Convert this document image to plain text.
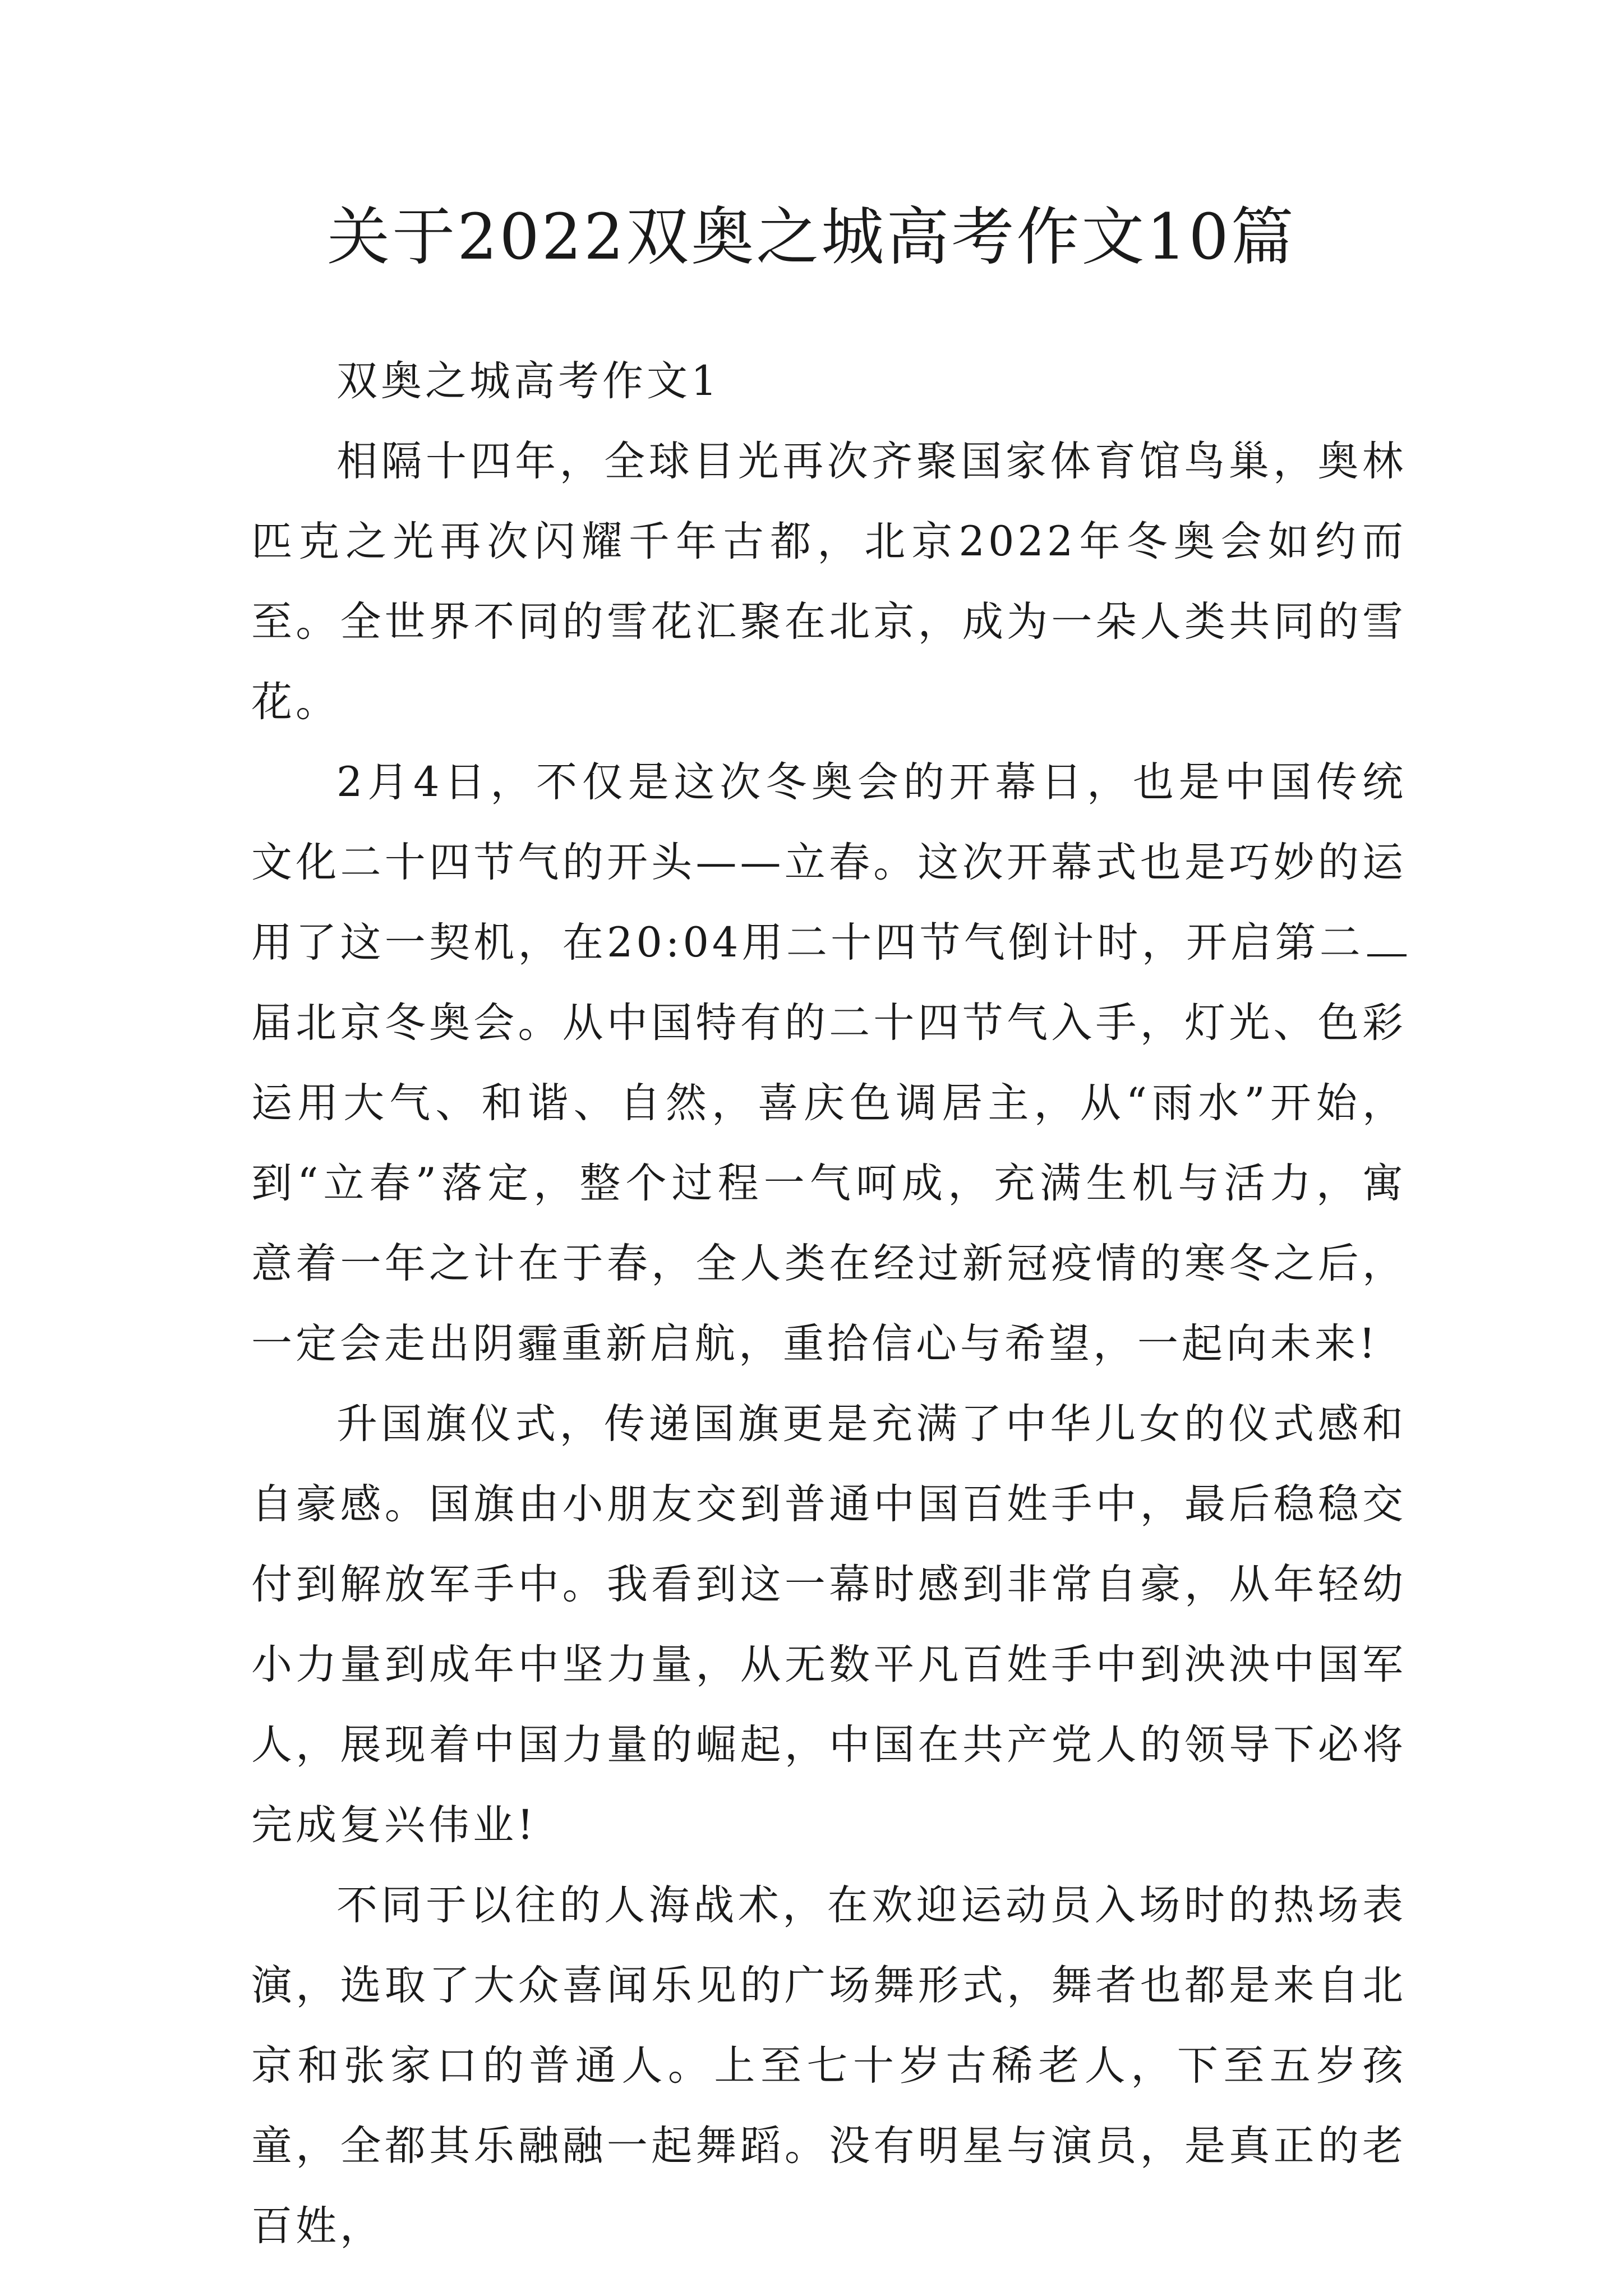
关于2022双奥之城高考作文10篇

双奥之城高考作文1

相隔十四年，全球目光再次齐聚国家体育馆鸟巢，奥林匹克之光再次闪耀千年古都，北京2022年冬奥会如约而至。全世界不同的雪花汇聚在北京，成为一朵人类共同的雪花。

2月4日，不仅是这次冬奥会的开幕日，也是中国传统文化二十四节气的开头——立春。这次开幕式也是巧妙的运用了这一契机，在20:04用二十四节气倒计时，开启第二届北京冬奥会。从中国特有的二十四节气入手，灯光、色彩运用大气、和谐、自然，喜庆色调居主，从“雨水”开始，到“立春”落定，整个过程一气呵成，充满生机与活力，寓意着一年之计在于春，全人类在经过新冠疫情的寒冬之后，一定会走出阴霾重新启航，重拾信心与希望，一起向未来!

升国旗仪式，传递国旗更是充满了中华儿女的仪式感和自豪感。国旗由小朋友交到普通中国百姓手中，最后稳稳交付到解放军手中。我看到这一幕时感到非常自豪，从年轻幼小力量到成年中坚力量，从无数平凡百姓手中到泱泱中国军人，展现着中国力量的崛起，中国在共产党人的领导下必将完成复兴伟业!

不同于以往的人海战术，在欢迎运动员入场时的热场表演，选取了大众喜闻乐见的广场舞形式，舞者也都是来自北京和张家口的普通人。上至七十岁古稀老人，下至五岁孩童，全都其乐融融一起舞蹈。没有明星与演员，是真正的老百姓，
